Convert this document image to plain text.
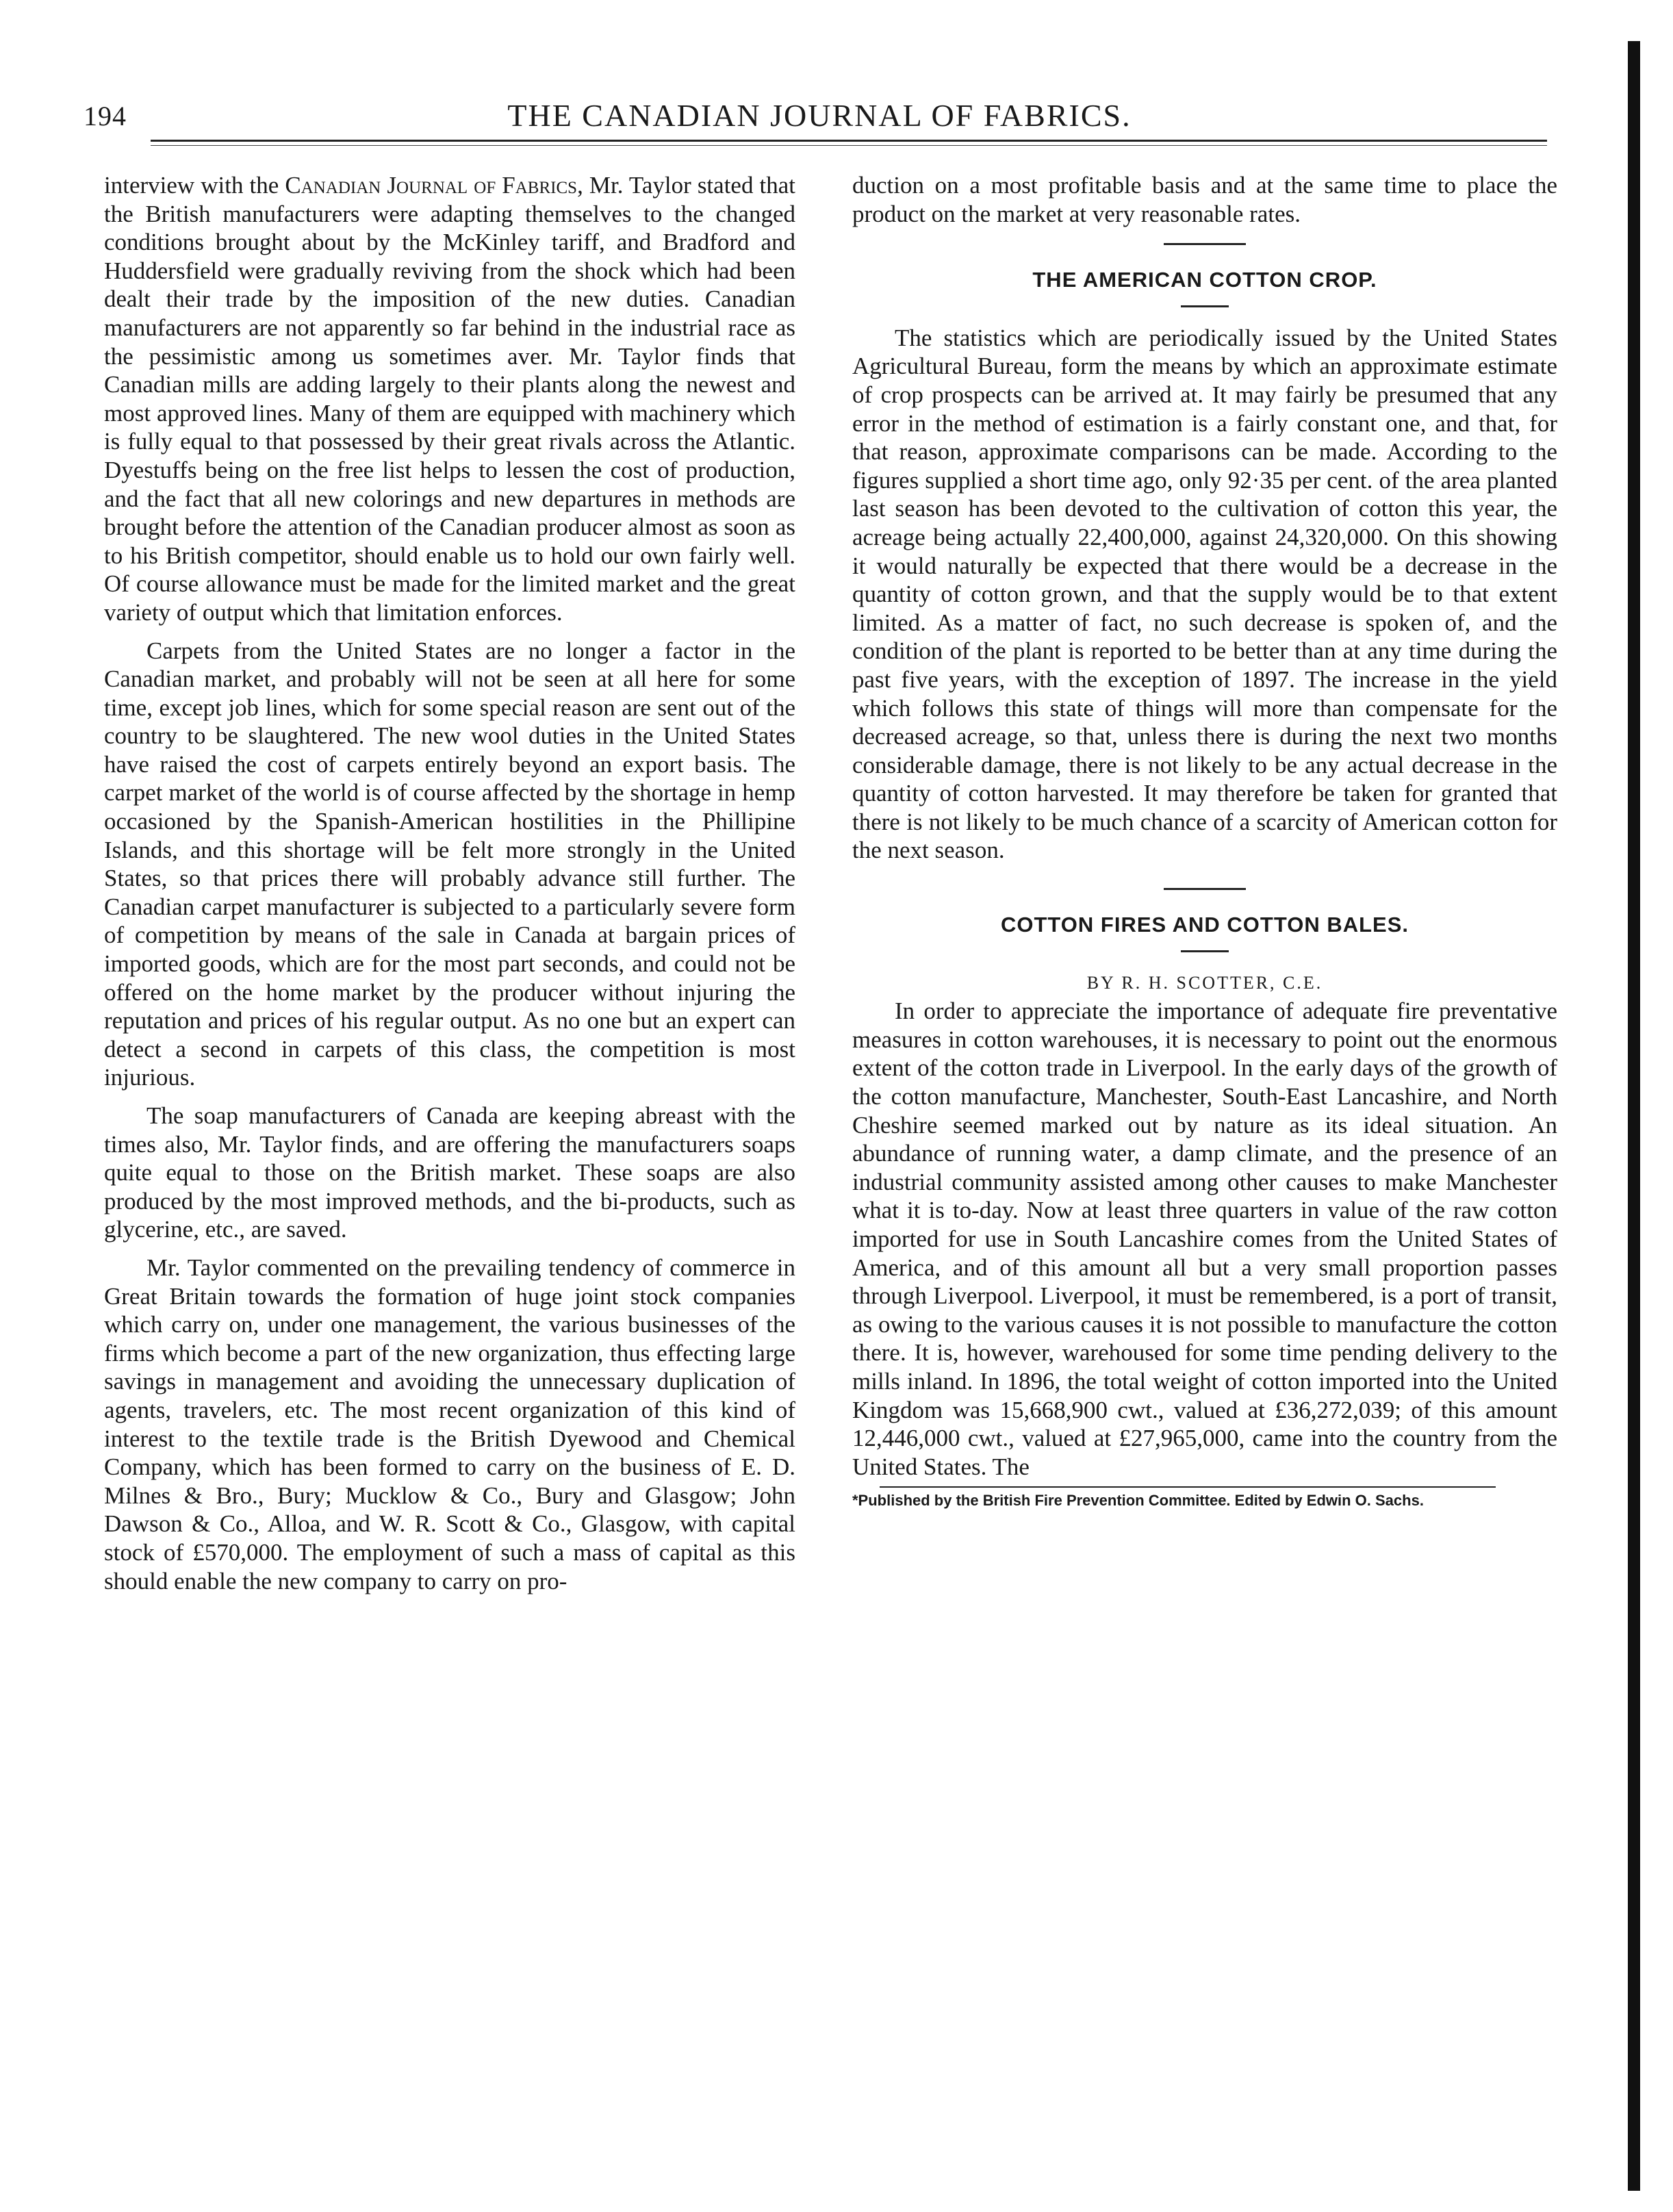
194	THE CANADIAN JOURNAL OF FABRICS.

interview with the Canadian Journal of Fabrics, Mr. Taylor stated that the British manufacturers were adapting themselves to the changed conditions brought about by the McKinley tariff, and Bradford and Huddersfield were gradually reviving from the shock which had been dealt their trade by the imposition of the new duties. Canadian manufacturers are not apparently so far behind in the industrial race as the pessimistic among us sometimes aver. Mr. Taylor finds that Canadian mills are adding largely to their plants along the newest and most approved lines. Many of them are equipped with machinery which is fully equal to that possessed by their great rivals across the Atlantic. Dyestuffs being on the free list helps to lessen the cost of production, and the fact that all new colorings and new departures in methods are brought before the attention of the Canadian producer almost as soon as to his British competitor, should enable us to hold our own fairly well. Of course allowance must be made for the limited market and the great variety of output which that limitation enforces.

Carpets from the United States are no longer a factor in the Canadian market, and probably will not be seen at all here for some time, except job lines, which for some special reason are sent out of the country to be slaughtered. The new wool duties in the United States have raised the cost of carpets entirely beyond an export basis. The carpet market of the world is of course affected by the shortage in hemp occasioned by the Spanish-American hostilities in the Phillipine Islands, and this shortage will be felt more strongly in the United States, so that prices there will probably advance still further. The Canadian carpet manufacturer is subjected to a particularly severe form of competition by means of the sale in Canada at bargain prices of imported goods, which are for the most part seconds, and could not be offered on the home market by the producer without injuring the reputation and prices of his regular output. As no one but an expert can detect a second in carpets of this class, the competition is most injurious.

The soap manufacturers of Canada are keeping abreast with the times also, Mr. Taylor finds, and are offering the manufacturers soaps quite equal to those on the British market. These soaps are also produced by the most improved methods, and the bi-products, such as glycerine, etc., are saved.

Mr. Taylor commented on the prevailing tendency of commerce in Great Britain towards the formation of huge joint stock companies which carry on, under one management, the various businesses of the firms which become a part of the new organization, thus effecting large savings in management and avoiding the unnecessary duplication of agents, travelers, etc. The most recent organization of this kind of interest to the textile trade is the British Dyewood and Chemical Company, which has been formed to carry on the business of E. D. Milnes & Bro., Bury; Mucklow & Co., Bury and Glasgow; John Dawson & Co., Alloa, and W. R. Scott & Co., Glasgow, with capital stock of £570,000. The employment of such a mass of capital as this should enable the new company to carry on pro-

duction on a most profitable basis and at the same time to place the product on the market at very reasonable rates.

THE AMERICAN COTTON CROP.

The statistics which are periodically issued by the United States Agricultural Bureau, form the means by which an approximate estimate of crop prospects can be arrived at. It may fairly be presumed that any error in the method of estimation is a fairly constant one, and that, for that reason, approximate comparisons can be made. According to the figures supplied a short time ago, only 92·35 per cent. of the area planted last season has been devoted to the cultivation of cotton this year, the acreage being actually 22,400,000, against 24,320,000. On this showing it would naturally be expected that there would be a decrease in the quantity of cotton grown, and that the supply would be to that extent limited. As a matter of fact, no such decrease is spoken of, and the condition of the plant is reported to be better than at any time during the past five years, with the exception of 1897. The increase in the yield which follows this state of things will more than compensate for the decreased acreage, so that, unless there is during the next two months considerable damage, there is not likely to be any actual decrease in the quantity of cotton harvested. It may therefore be taken for granted that there is not likely to be much chance of a scarcity of American cotton for the next season.

COTTON FIRES AND COTTON BALES.

BY R. H. SCOTTER, C.E.

In order to appreciate the importance of adequate fire preventative measures in cotton warehouses, it is necessary to point out the enormous extent of the cotton trade in Liverpool. In the early days of the growth of the cotton manufacture, Manchester, South-East Lancashire, and North Cheshire seemed marked out by nature as its ideal situation. An abundance of running water, a damp climate, and the presence of an industrial community assisted among other causes to make Manchester what it is to-day. Now at least three quarters in value of the raw cotton imported for use in South Lancashire comes from the United States of America, and of this amount all but a very small proportion passes through Liverpool. Liverpool, it must be remembered, is a port of transit, as owing to the various causes it is not possible to manufacture the cotton there. It is, however, warehoused for some time pending delivery to the mills inland. In 1896, the total weight of cotton imported into the United Kingdom was 15,668,900 cwt., valued at £36,272,039; of this amount 12,446,000 cwt., valued at £27,965,000, came into the country from the United States. The

*Published by the British Fire Prevention Committee. Edited by Edwin O. Sachs.
